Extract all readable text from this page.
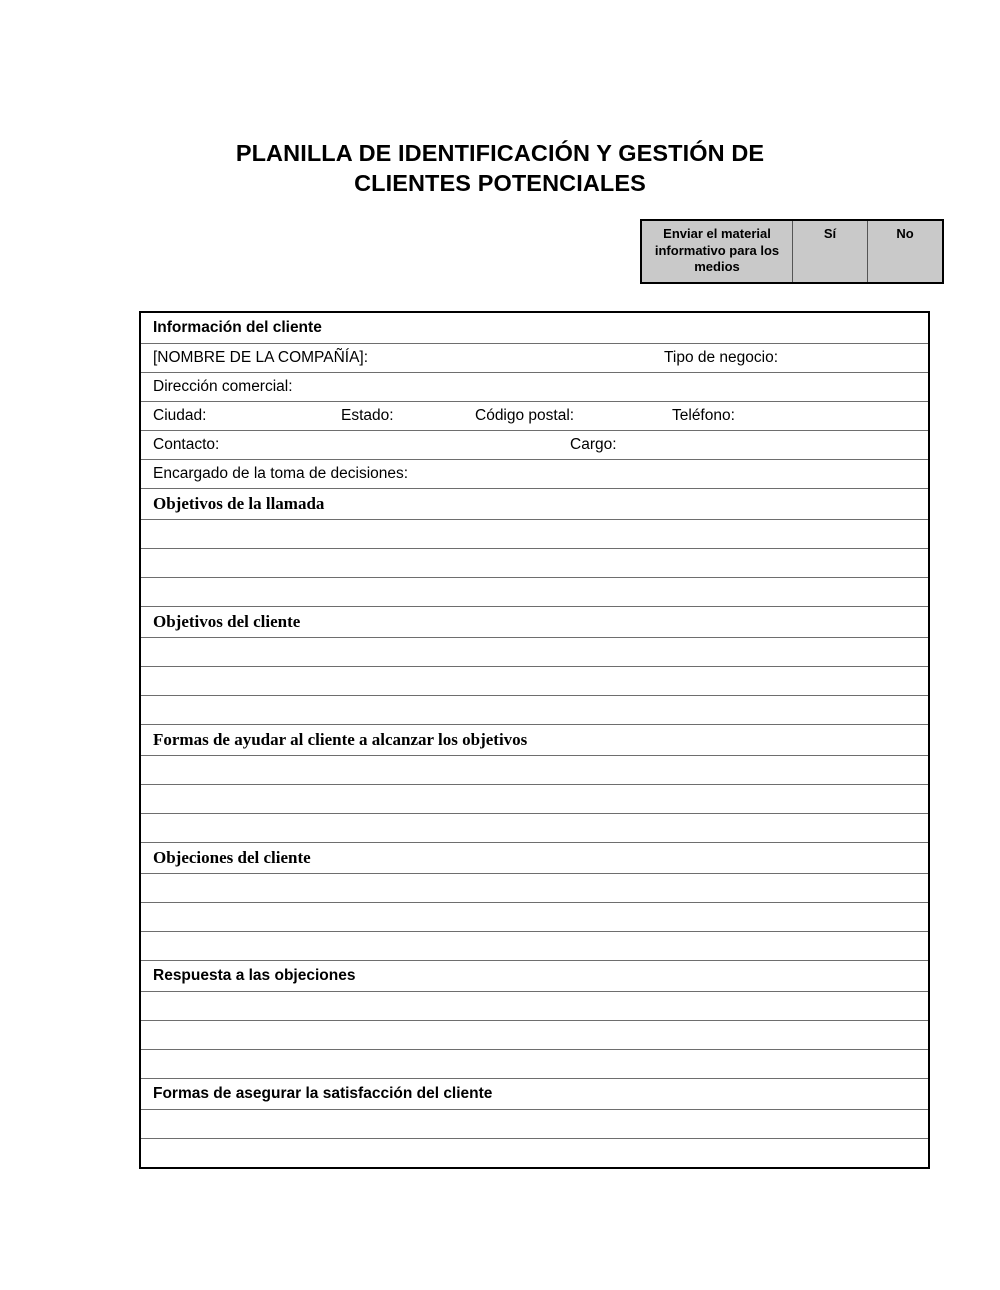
PLANILLA DE IDENTIFICACIÓN Y GESTIÓN DE
CLIENTES POTENCIALES
Enviar el material informativo para los medios	Sí	No
Información del cliente

[NOMBRE DE LA COMPAÑÍA]:	Tipo de negocio:

Dirección comercial:

Ciudad:	Estado:	Código postal:	Teléfono:

Contacto:	Cargo:

Encargado de la toma de decisiones:

Objetivos de la llamada

Objetivos del cliente

Formas de ayudar al cliente a alcanzar los objetivos

Objeciones del cliente

Respuesta a las objeciones

Formas de asegurar la satisfacción del cliente
